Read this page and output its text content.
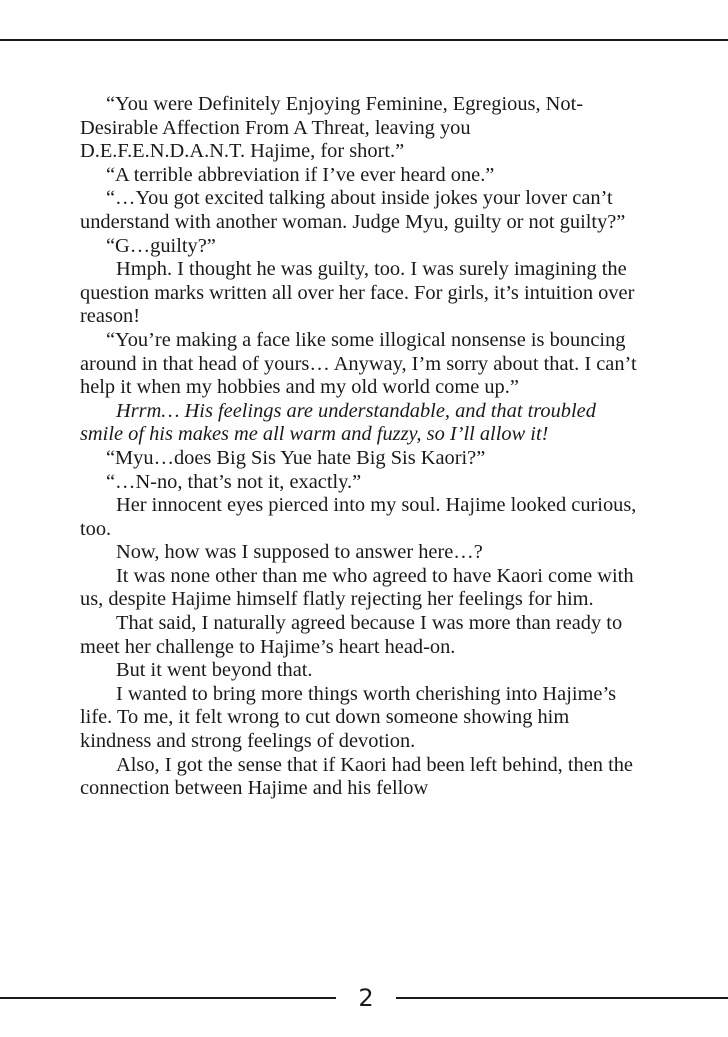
“You were Definitely Enjoying Feminine, Egregious, Not-Desirable Affection From A Threat, leaving you D.E.F.E.N.D.A.N.T. Hajime, for short.”

“A terrible abbreviation if I’ve ever heard one.”

“…You got excited talking about inside jokes your lover can’t understand with another woman. Judge Myu, guilty or not guilty?”

“G…guilty?”

Hmph. I thought he was guilty, too. I was surely imagining the question marks written all over her face. For girls, it’s intuition over reason!

“You’re making a face like some illogical nonsense is bouncing around in that head of yours… Anyway, I’m sorry about that. I can’t help it when my hobbies and my old world come up.”

Hrrm… His feelings are understandable, and that troubled smile of his makes me all warm and fuzzy, so I’ll allow it!

“Myu…does Big Sis Yue hate Big Sis Kaori?”

“…N-no, that’s not it, exactly.”

Her innocent eyes pierced into my soul. Hajime looked curious, too.

Now, how was I supposed to answer here…?

It was none other than me who agreed to have Kaori come with us, despite Hajime himself flatly rejecting her feelings for him.

That said, I naturally agreed because I was more than ready to meet her challenge to Hajime’s heart head-on.

But it went beyond that.

I wanted to bring more things worth cherishing into Hajime’s life. To me, it felt wrong to cut down someone showing him kindness and strong feelings of devotion.

Also, I got the sense that if Kaori had been left behind, then the connection between Hajime and his fellow

2
